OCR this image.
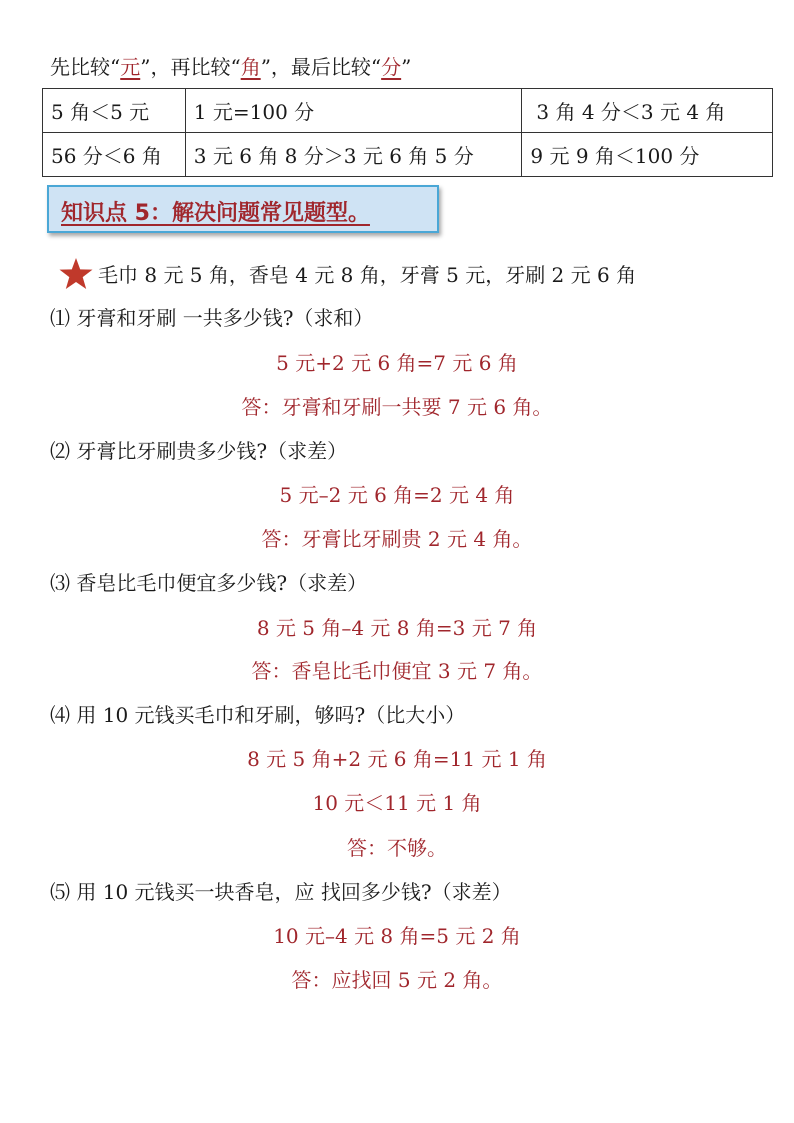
先比较“元”，再比较“角”，最后比较“分”
5 角＜5 元	1 元=100 分	3 角 4 分＜3 元 4 角
56 分＜6 角	3 元 6 角 8 分＞3 元 6 角 5 分	9 元 9 角＜100 分
知识点 5：解决问题常见题型。
毛巾 8 元 5 角，香皂 4 元 8 角，牙膏 5 元，牙刷 2 元 6 角
⑴ 牙膏和牙刷 一共多少钱?（求和）
5 元+2 元 6 角=7 元 6 角
答：牙膏和牙刷一共要 7 元 6 角。
⑵ 牙膏比牙刷贵多少钱?（求差）
5 元–2 元 6 角=2 元 4 角
答：牙膏比牙刷贵 2 元 4 角。
⑶ 香皂比毛巾便宜多少钱?（求差）
8 元 5 角–4 元 8 角=3 元 7 角
答：香皂比毛巾便宜 3 元 7 角。
⑷ 用 10 元钱买毛巾和牙刷，够吗?（比大小）
8 元 5 角+2 元 6 角=11 元 1 角
10 元＜11 元 1 角
答：不够。
⑸ 用 10 元钱买一块香皂，应 找回多少钱?（求差）
10 元–4 元 8 角=5 元 2 角
答：应找回 5 元 2 角。
